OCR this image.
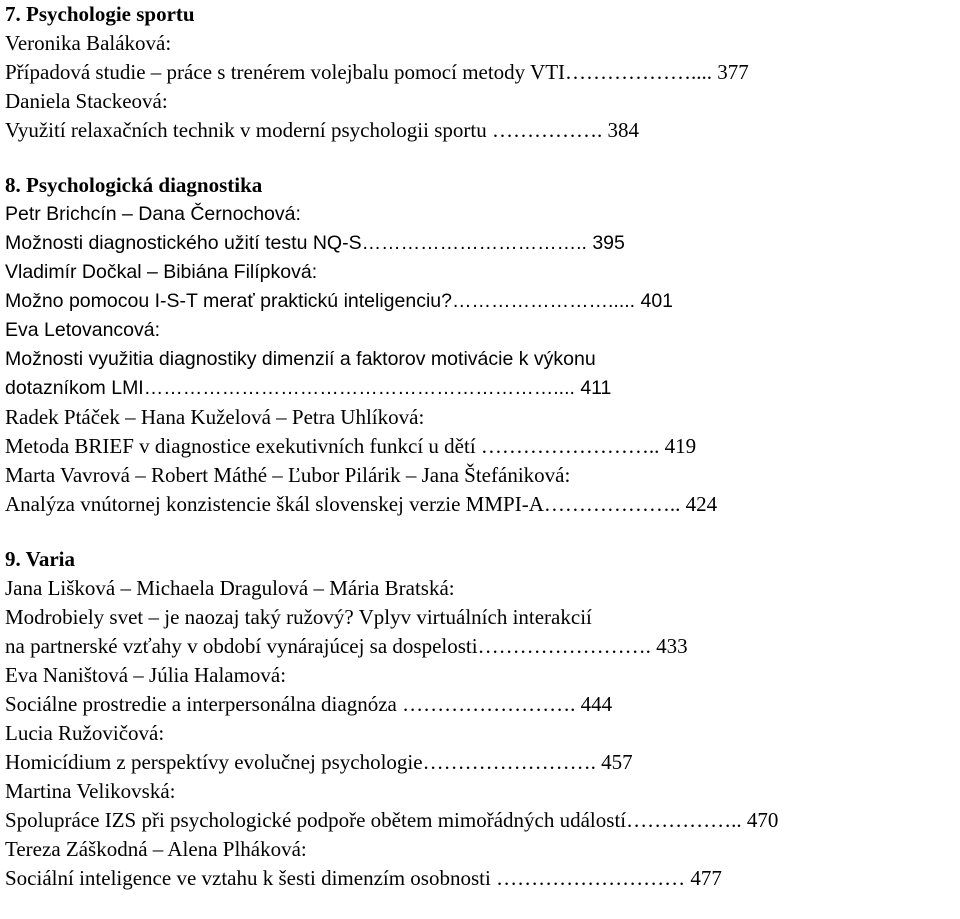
7. Psychologie sportu
Veronika Baláková:
Případová studie – práce s trenérem volejbalu pomocí metody VTI……………….... 377
Daniela Stackeová:
Využití relaxačních technik v moderní psychologii sportu ……………. 384
8. Psychologická diagnostika
Petr Brichcín – Dana Černochová:
Možnosti diagnostického užití testu NQ-S…………………………….. 395
Vladimír Dočkal – Bibiána Filípková:
Možno pomocou I-S-T merať praktickú inteligenciu?……………………..... 401
Eva Letovancová:
Možnosti využitia diagnostiky dimenzií a faktorov motivácie k výkonu
dotazníkom LMI……………………………………………………….... 411
Radek Ptáček – Hana Kuželová – Petra Uhlíková:
Metoda BRIEF v diagnostice exekutivních funkcí u dětí …………………….. 419
Marta Vavrová – Robert Máthé – Ľubor Pilárik – Jana Štefániková:
Analýza vnútornej konzistencie škál slovenskej verzie MMPI-A……………….. 424
9. Varia
Jana Lišková – Michaela Dragulová – Mária Bratská:
Modrobiely svet – je naozaj taký ružový? Vplyv virtuálních interakcií
na partnerské vzťahy v období vynárajúcej sa dospelosti……………………. 433
Eva Naništová – Júlia Halamová:
Sociálne prostredie a interpersonálna diagnóza ……………………. 444
Lucia Ružovičová:
Homicídium z perspektívy evolučnej psychologie……………………. 457
Martina Velikovská:
Spolupráce IZS při psychologické podpoře obětem mimořádných událostí…………….. 470
Tereza Záškodná – Alena Plháková:
Sociální inteligence ve vztahu k šesti dimenzím osobnosti ……………………… 477
